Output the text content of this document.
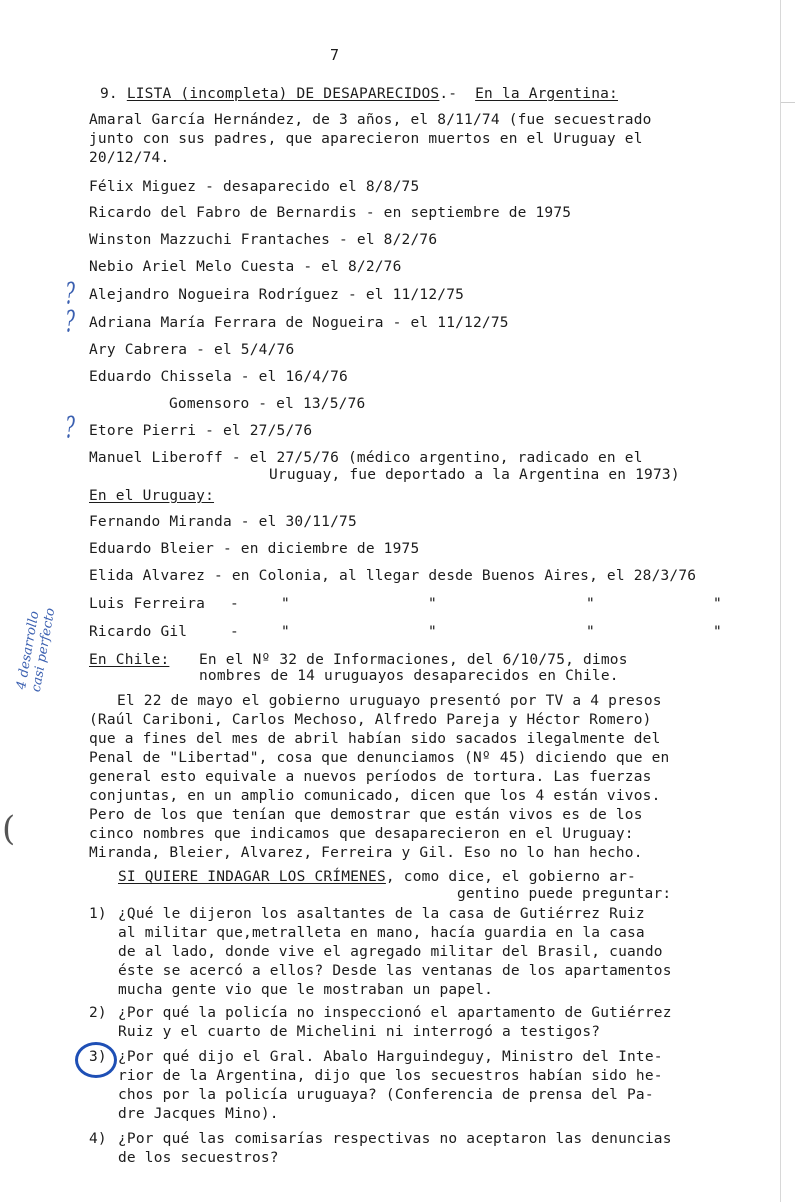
7
9. LISTA (incompleta) DE DESAPARECIDOS.- En la Argentina:
Amaral García Hernández, de 3 años, el 8/11/74 (fue secuestrado
junto con sus padres, que aparecieron muertos en el Uruguay el
20/12/74.
Félix Miguez - desaparecido el 8/8/75
Ricardo del Fabro de Bernardis - en septiembre de 1975
Winston Mazzuchi Frantaches - el 8/2/76
Nebio Ariel Melo Cuesta - el 8/2/76
Alejandro Nogueira Rodríguez - el 11/12/75
Adriana María Ferrara de Nogueira - el 11/12/75
Ary Cabrera - el 5/4/76
Eduardo Chissela - el 16/4/76
Gomensoro - el 13/5/76
Etore Pierri - el 27/5/76
Manuel Liberoff - el 27/5/76 (médico argentino, radicado en el
Uruguay, fue deportado a la Argentina en 1973)
En el Uruguay:
Fernando Miranda - el 30/11/75
Eduardo Bleier - en diciembre de 1975
Elida Alvarez - en Colonia, al llegar desde Buenos Aires, el 28/3/76
Luis Ferreira -	"	"	"	"
Ricardo Gil	-	"	"	"	"
En Chile: En el Nº 32 de Informaciones, del 6/10/75, dimos
nombres de 14 uruguayos desaparecidos en Chile.
El 22 de mayo el gobierno uruguayo presentó por TV a 4 presos
(Raúl Cariboni, Carlos Mechoso, Alfredo Pareja y Héctor Romero)
que a fines del mes de abril habían sido sacados ilegalmente del
Penal de "Libertad", cosa que denunciamos (Nº 45) diciendo que en
general esto equivale a nuevos períodos de tortura. Las fuerzas
conjuntas, en un amplio comunicado, dicen que los 4 están vivos.
Pero de los que tenían que demostrar que están vivos es de los
cinco nombres que indicamos que desaparecieron en el Uruguay:
Miranda, Bleier, Alvarez, Ferreira y Gil. Eso no lo han hecho.
SI QUIERE INDAGAR LOS CRÍMENES, como dice, el gobierno ar-
gentino puede preguntar:
1) ¿Qué le dijeron los asaltantes de la casa de Gutiérrez Ruiz
al militar que,metralleta en mano, hacía guardia en la casa
de al lado, donde vive el agregado militar del Brasil, cuando
éste se acercó a ellos? Desde las ventanas de los apartamentos
mucha gente vio que le mostraban un papel.
2) ¿Por qué la policía no inspeccionó el apartamento de Gutiérrez
Ruiz y el cuarto de Michelini ni interrogó a testigos?
3) ¿Por qué dijo el Gral. Abalo Harguindeguy, Ministro del Inte-
rior de la Argentina, dijo que los secuestros habían sido he-
chos por la policía uruguaya? (Conferencia de prensa del Pa-
dre Jacques Mino).
4) ¿Por qué las comisarías respectivas no aceptaron las denuncias
de los secuestros?
?
?
?
4 desarrollo
casi perfecto
(
